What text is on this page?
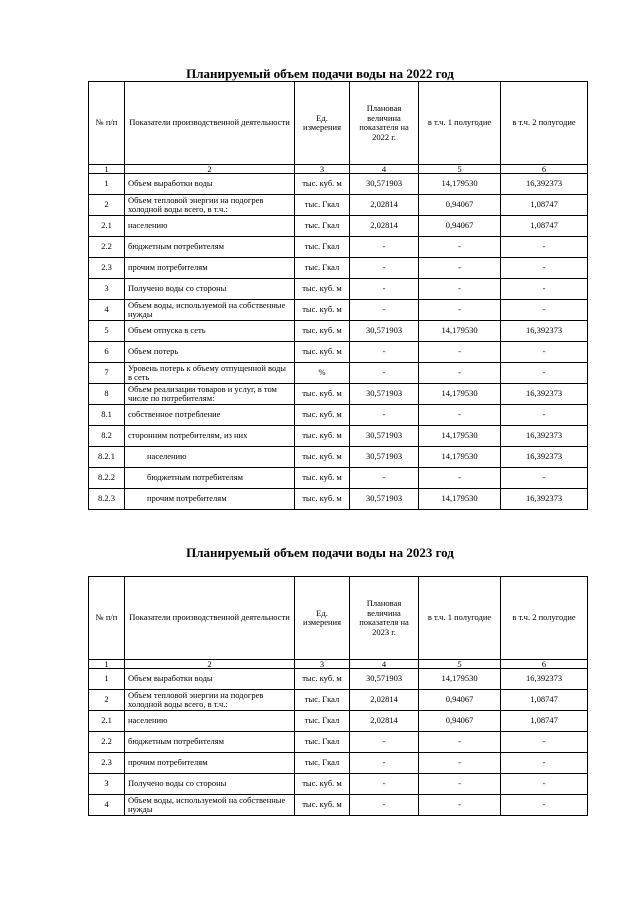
Планируемый объем подачи воды на 2022 год
№ п/п	Показатели производственной деятельности	Ед. измерения	Плановая величина показателя на 2022 г.	в т.ч. 1 полугодие	в т.ч. 2 полугодие
1	2	3	4	5	6
1	Объем выработки воды	тыс. куб. м	30,571903	14,179530	16,392373
2	Объем тепловой энергии на подогрев холодной воды всего, в т.ч.:	тыс. Гкал	2,02814	0,94067	1,08747
2.1	населению	тыс. Гкал	2,02814	0,94067	1,08747
2.2	бюджетным потребителям	тыс. Гкал	-	-	-
2.3	прочим потребителям	тыс. Гкал	-	-	-
3	Получено воды со стороны	тыс. куб. м	-	-	-
4	Объем воды, используемой на собственные нужды	тыс. куб. м	-	-	-
5	Объем отпуска в сеть	тыс. куб. м	30,571903	14,179530	16,392373
6	Объем потерь	тыс. куб. м	-	-	-
7	Уровень потерь к объему отпущенной воды в сеть	%	-	-	-
8	Объем реализации товаров и услуг, в том числе по потребителям:	тыс. куб. м	30,571903	14,179530	16,392373
8.1	собственное потребление	тыс. куб. м	-	-	-
8.2	сторонним потребителям, из них	тыс. куб. м	30,571903	14,179530	16,392373
8.2.1	населению	тыс. куб. м	30,571903	14,179530	16,392373
8.2.2	бюджетным потребителям	тыс. куб. м	-	-	-
8.2.3	прочим потребителям	тыс. куб. м	30,571903	14,179530	16,392373
Планируемый объем подачи воды на 2023 год
№ п/п	Показатели производственной деятельности	Ед. измерения	Плановая величина показателя на 2023 г.	в т.ч. 1 полугодие	в т.ч. 2 полугодие
1	2	3	4	5	6
1	Объем выработки воды	тыс. куб. м	30,571903	14,179530	16,392373
2	Объем тепловой энергии на подогрев холодной воды всего, в т.ч.:	тыс. Гкал	2,02814	0,94067	1,08747
2.1	населению	тыс. Гкал	2,02814	0,94067	1,08747
2.2	бюджетным потребителям	тыс. Гкал	-	-	-
2.3	прочим потребителям	тыс. Гкал	-	-	-
3	Получено воды со стороны	тыс. куб. м	-	-	-
4	Объем воды, используемой на собственные нужды	тыс. куб. м	-	-	-
